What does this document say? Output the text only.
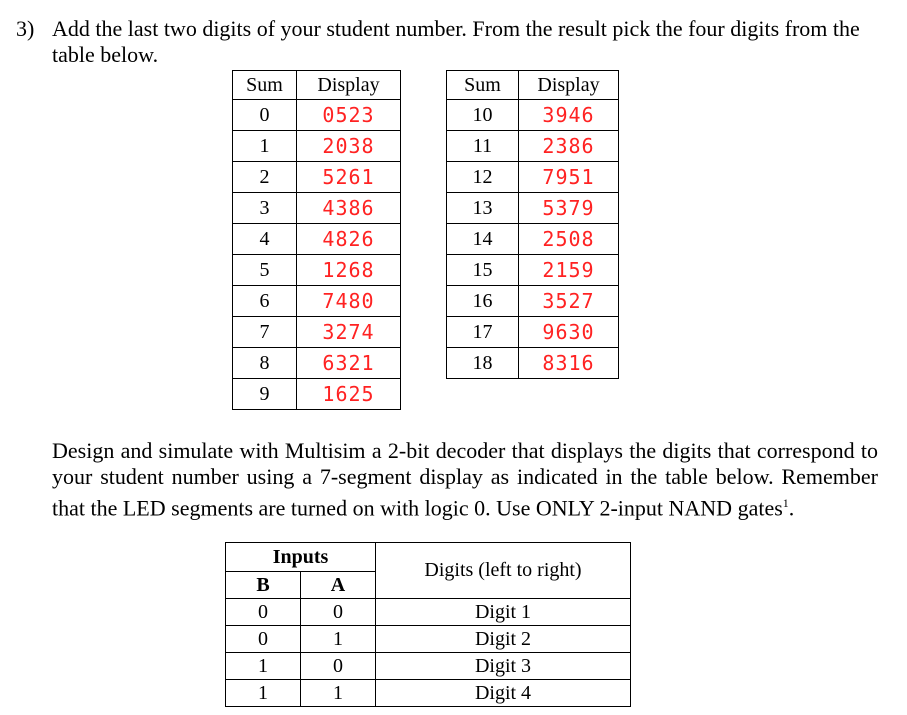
3) Add the last two digits of your student number. From the result pick the four digits from the table below.
Sum	Display
0	0523
1	2038
2	5261
3	4386
4	4826
5	1268
6	7480
7	3274
8	6321
9	1625
Sum	Display
10	3946
11	2386
12	7951
13	5379
14	2508
15	2159
16	3527
17	9630
18	8316
Design and simulate with Multisim a 2-bit decoder that displays the digits that correspond to your student number using a 7-segment display as indicated in the table below. Remember that the LED segments are turned on with logic 0. Use ONLY 2-input NAND gates$^1$.
Inputs		Digits (left to right)
B	A	
0	0	Digit 1
0	1	Digit 2
1	0	Digit 3
1	1	Digit 4
